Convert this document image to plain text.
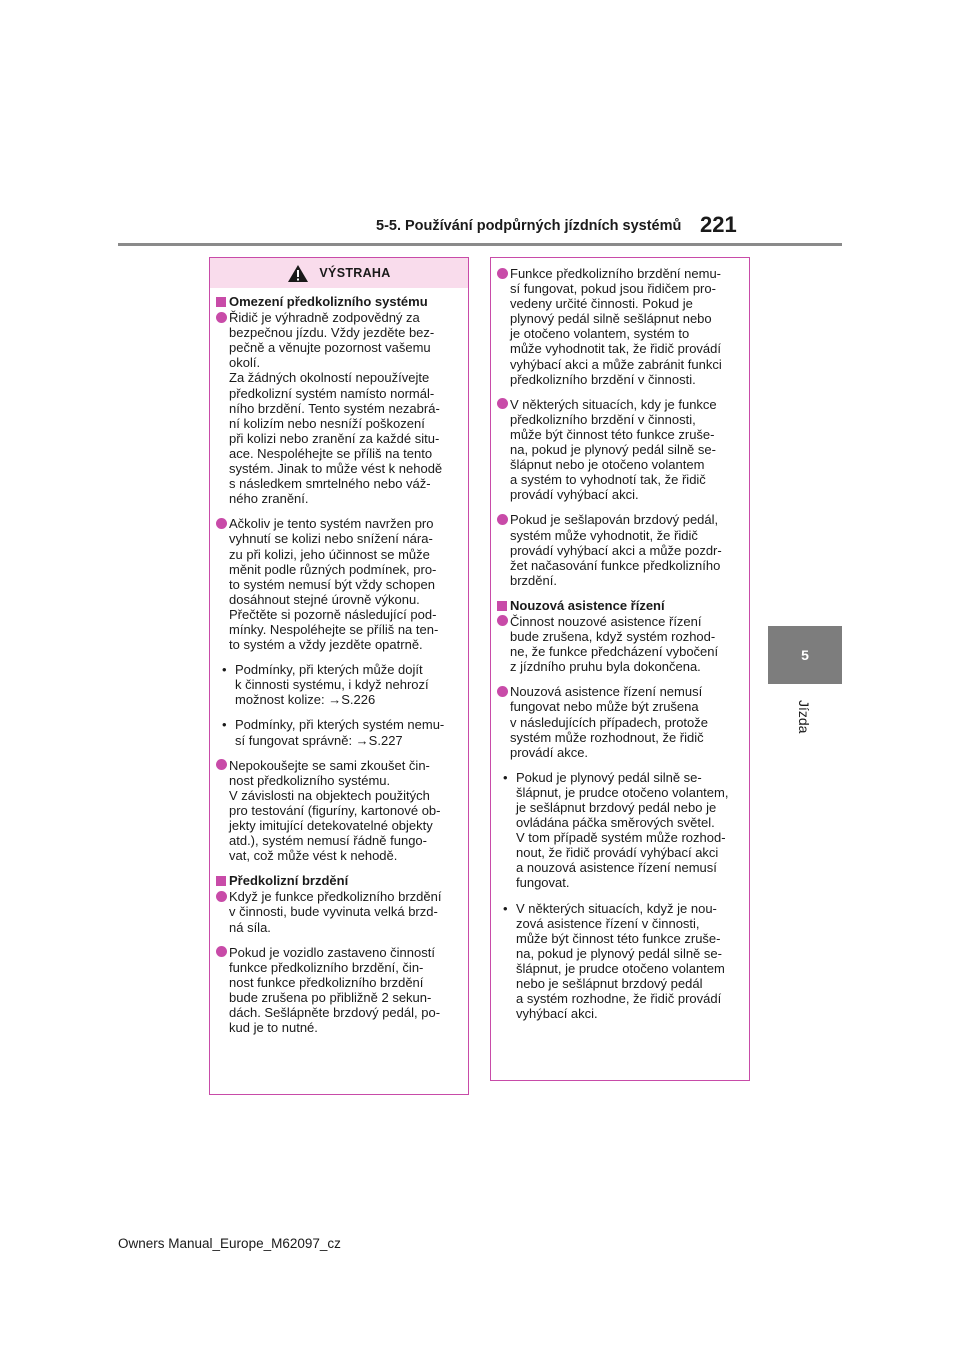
5-5. Používání podpůrných jízdních systémů 221
5
Jízda
VÝSTRAHA
Omezení předkolizního systému
Řidič je výhradně zodpovědný za
bezpečnou jízdu. Vždy jezděte bez-
pečně a věnujte pozornost vašemu
okolí.
Za žádných okolností nepoužívejte
předkolizní systém namísto normál-
ního brzdění. Tento systém nezabrá-
ní kolizím nebo nesníží poškození
při kolizi nebo zranění za každé situ-
ace. Nespoléhejte se příliš na tento
systém. Jinak to může vést k nehodě
s následkem smrtelného nebo váž-
ného zranění.
Ačkoliv je tento systém navržen pro
vyhnutí se kolizi nebo snížení nára-
zu při kolizi, jeho účinnost se může
měnit podle různých podmínek, pro-
to systém nemusí být vždy schopen
dosáhnout stejné úrovně výkonu.
Přečtěte si pozorně následující pod-
mínky. Nespoléhejte se příliš na ten-
to systém a vždy jezděte opatrně.
• Podmínky, při kterých může dojít
k činnosti systému, i když nehrozí
možnost kolize: →S.226
• Podmínky, při kterých systém nemu-
sí fungovat správně: →S.227
Nepokoušejte se sami zkoušet čin-
nost předkolizního systému.
V závislosti na objektech použitých
pro testování (figuríny, kartonové ob-
jekty imitující detekovatelné objekty
atd.), systém nemusí řádně fungo-
vat, což může vést k nehodě.
Předkolizní brzdění
Když je funkce předkolizního brzdění
v činnosti, bude vyvinuta velká brzd-
ná síla.
Pokud je vozidlo zastaveno činností
funkce předkolizního brzdění, čin-
nost funkce předkolizního brzdění
bude zrušena po přibližně 2 sekun-
dách. Sešlápněte brzdový pedál, po-
kud je to nutné.
Funkce předkolizního brzdění nemu-
sí fungovat, pokud jsou řidičem pro-
vedeny určité činnosti. Pokud je
plynový pedál silně sešlápnut nebo
je otočeno volantem, systém to
může vyhodnotit tak, že řidič provádí
vyhýbací akci a může zabránit funkci
předkolizního brzdění v činnosti.
V některých situacích, kdy je funkce
předkolizního brzdění v činnosti,
může být činnost této funkce zruše-
na, pokud je plynový pedál silně se-
šlápnut nebo je otočeno volantem
a systém to vyhodnotí tak, že řidič
provádí vyhýbací akci.
Pokud je sešlapován brzdový pedál,
systém může vyhodnotit, že řidič
provádí vyhýbací akci a může pozdr-
žet načasování funkce předkolizního
brzdění.
Nouzová asistence řízení
Činnost nouzové asistence řízení
bude zrušena, když systém rozhod-
ne, že funkce předcházení vybočení
z jízdního pruhu byla dokončena.
Nouzová asistence řízení nemusí
fungovat nebo může být zrušena
v následujících případech, protože
systém může rozhodnout, že řidič
provádí akce.
• Pokud je plynový pedál silně se-
šlápnut, je prudce otočeno volantem,
je sešlápnut brzdový pedál nebo je
ovládána páčka směrových světel.
V tom případě systém může rozhod-
nout, že řidič provádí vyhýbací akci
a nouzová asistence řízení nemusí
fungovat.
• V některých situacích, když je nou-
zová asistence řízení v činnosti,
může být činnost této funkce zruše-
na, pokud je plynový pedál silně se-
šlápnut, je prudce otočeno volantem
nebo je sešlápnut brzdový pedál
a systém rozhodne, že řidič provádí
vyhýbací akci.
Owners Manual_Europe_M62097_cz
